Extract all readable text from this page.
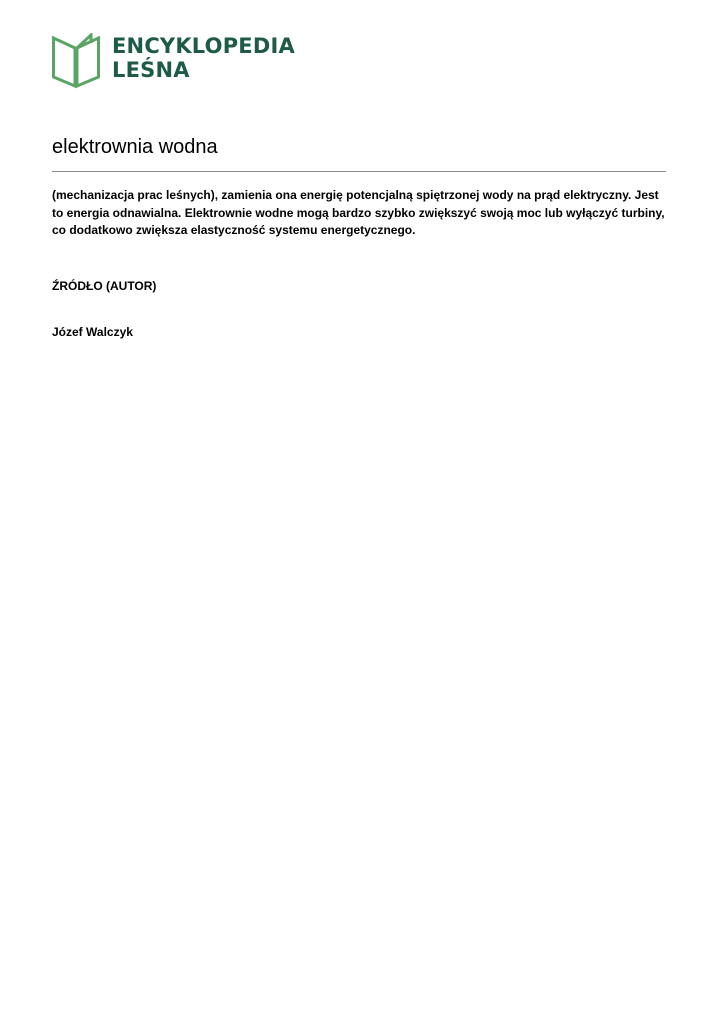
ENCYKLOPEDIA
LEŚNA
elektrownia wodna

(mechanizacja prac leśnych), zamienia ona energię potencjalną spiętrzonej wody na prąd elektryczny. Jest to energia odnawialna. Elektrownie wodne mogą bardzo szybko zwiększyć swoją moc lub wyłączyć turbiny, co dodatkowo zwiększa elastyczność systemu energetycznego.

ŹRÓDŁO (AUTOR)

Józef Walczyk
